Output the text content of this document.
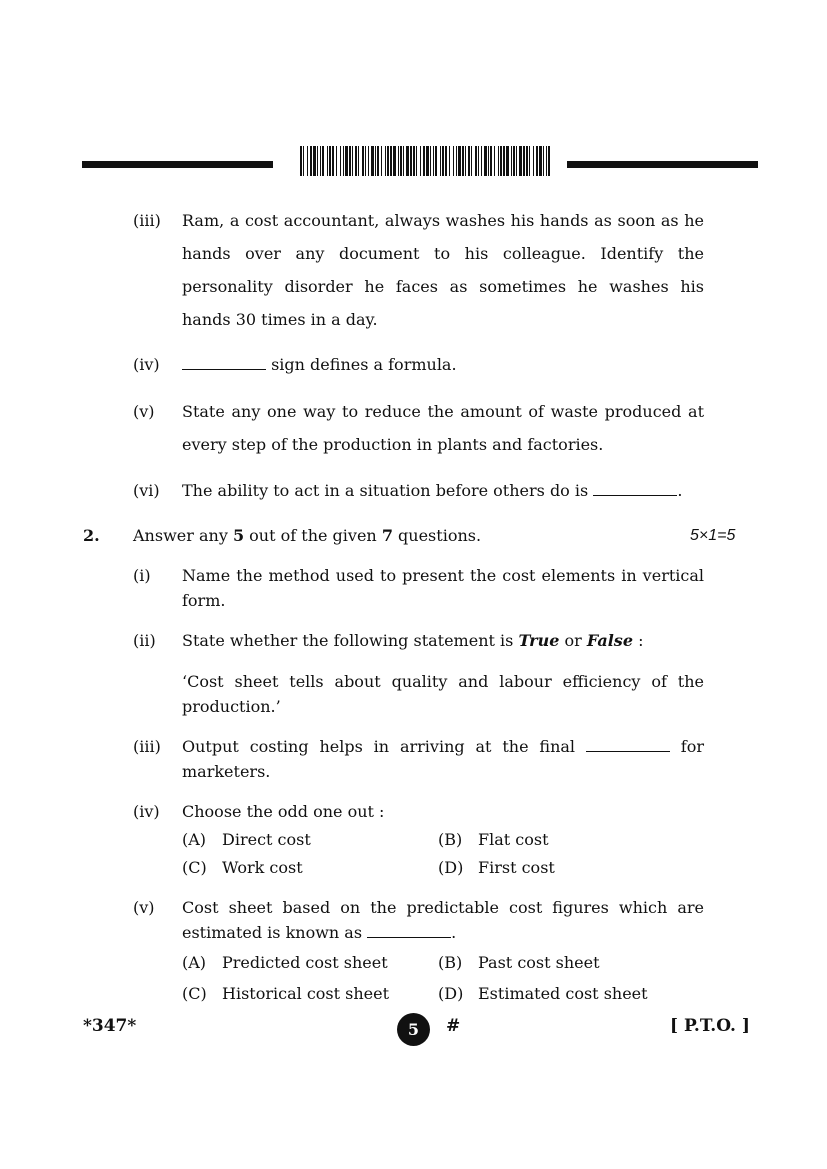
(iii) Ram, a cost accountant, always washes his hands as soon as he hands over any document to his colleague. Identify the personality disorder he faces as sometimes he washes his hands 30 times in a day.
(iv)	sign defines a formula.
(v) State any one way to reduce the amount of waste produced at every step of the production in plants and factories.
(vi) The ability to act in a situation before others do is	.
2. Answer any 5 out of the given 7 questions.	5×1=5
(i) Name the method used to present the cost elements in vertical form.
(ii) State whether the following statement is True or False :
‘Cost sheet tells about quality and labour efficiency of the production.’
(iii) Output costing helps in arriving at the final	for marketers.
(iv) Choose the odd one out :
(A) Direct cost	(B) Flat cost
(C) Work cost	(D) First cost
(v) Cost sheet based on the predictable cost figures which are estimated is known as	.
(A) Predicted cost sheet	(B) Past cost sheet
(C) Historical cost sheet	(D) Estimated cost sheet
*347*	5	#	[ P.T.O. ]
